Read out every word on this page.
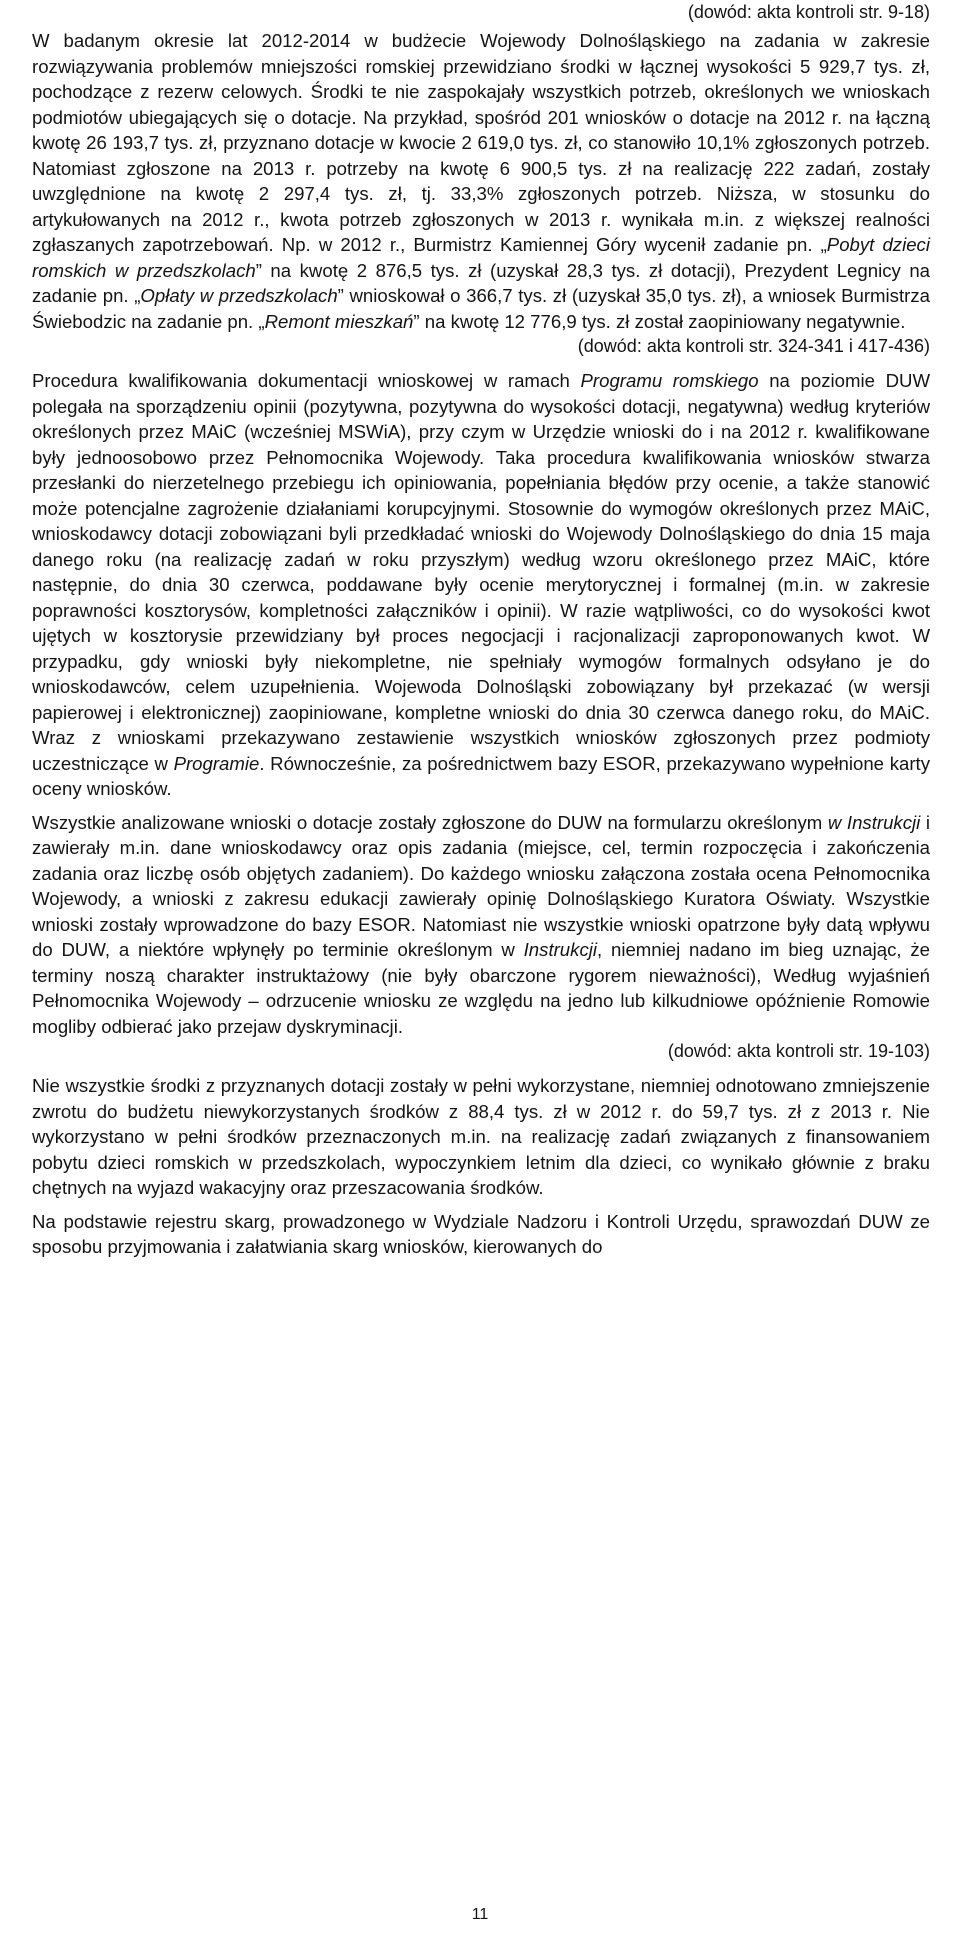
(dowód: akta kontroli str. 9-18)

W badanym okresie lat 2012-2014 w budżecie Wojewody Dolnośląskiego na zadania w zakresie rozwiązywania problemów mniejszości romskiej przewidziano środki w łącznej wysokości 5 929,7 tys. zł, pochodzące z rezerw celowych. Środki te nie zaspokajały wszystkich potrzeb, określonych we wnioskach podmiotów ubiegających się o dotacje. Na przykład, spośród 201 wniosków o dotacje na 2012 r. na łączną kwotę 26 193,7 tys. zł, przyznano dotacje w kwocie 2 619,0 tys. zł, co stanowiło 10,1% zgłoszonych potrzeb. Natomiast zgłoszone na 2013 r. potrzeby na kwotę 6 900,5 tys. zł na realizację 222 zadań, zostały uwzględnione na kwotę 2 297,4 tys. zł, tj. 33,3% zgłoszonych potrzeb. Niższa, w stosunku do artykułowanych na 2012 r., kwota potrzeb zgłoszonych w 2013 r. wynikała m.in. z większej realności zgłaszanych zapotrzebowań. Np. w 2012 r., Burmistrz Kamiennej Góry wycenił zadanie pn. „Pobyt dzieci romskich w przedszkolach” na kwotę 2 876,5 tys. zł (uzyskał 28,3 tys. zł dotacji), Prezydent Legnicy na zadanie pn. „Opłaty w przedszkolach” wnioskował o 366,7 tys. zł (uzyskał 35,0 tys. zł), a wniosek Burmistrza Świebodzic na zadanie pn. „Remont mieszkań” na kwotę 12 776,9 tys. zł został zaopiniowany negatywnie.

(dowód: akta kontroli str. 324-341 i 417-436)

Procedura kwalifikowania dokumentacji wnioskowej w ramach Programu romskiego na poziomie DUW polegała na sporządzeniu opinii (pozytywna, pozytywna do wysokości dotacji, negatywna) według kryteriów określonych przez MAiC (wcześniej MSWiA), przy czym w Urzędzie wnioski do i na 2012 r. kwalifikowane były jednoosobowo przez Pełnomocnika Wojewody. Taka procedura kwalifikowania wniosków stwarza przesłanki do nierzetelnego przebiegu ich opiniowania, popełniania błędów przy ocenie, a także stanowić może potencjalne zagrożenie działaniami korupcyjnymi. Stosownie do wymogów określonych przez MAiC, wnioskodawcy dotacji zobowiązani byli przedkładać wnioski do Wojewody Dolnośląskiego do dnia 15 maja danego roku (na realizację zadań w roku przyszłym) według wzoru określonego przez MAiC, które następnie, do dnia 30 czerwca, poddawane były ocenie merytorycznej i formalnej (m.in. w zakresie poprawności kosztorysów, kompletności załączników i opinii). W razie wątpliwości, co do wysokości kwot ujętych w kosztorysie przewidziany był proces negocjacji i racjonalizacji zaproponowanych kwot. W przypadku, gdy wnioski były niekompletne, nie spełniały wymogów formalnych odsyłano je do wnioskodawców, celem uzupełnienia. Wojewoda Dolnośląski zobowiązany był przekazać (w wersji papierowej i elektronicznej) zaopiniowane, kompletne wnioski do dnia 30 czerwca danego roku, do MAiC. Wraz z wnioskami przekazywano zestawienie wszystkich wniosków zgłoszonych przez podmioty uczestniczące w Programie. Równocześnie, za pośrednictwem bazy ESOR, przekazywano wypełnione karty oceny wniosków.

Wszystkie analizowane wnioski o dotacje zostały zgłoszone do DUW na formularzu określonym w Instrukcji i zawierały m.in. dane wnioskodawcy oraz opis zadania (miejsce, cel, termin rozpoczęcia i zakończenia zadania oraz liczbę osób objętych zadaniem). Do każdego wniosku załączona została ocena Pełnomocnika Wojewody, a wnioski z zakresu edukacji zawierały opinię Dolnośląskiego Kuratora Oświaty. Wszystkie wnioski zostały wprowadzone do bazy ESOR. Natomiast nie wszystkie wnioski opatrzone były datą wpływu do DUW, a niektóre wpłynęły po terminie określonym w Instrukcji, niemniej nadano im bieg uznając, że terminy noszą charakter instruktażowy (nie były obarczone rygorem nieważności), Według wyjaśnień Pełnomocnika Wojewody – odrzucenie wniosku ze względu na jedno lub kilkudniowe opóźnienie Romowie mogliby odbierać jako przejaw dyskryminacji.

(dowód: akta kontroli str. 19-103)

Nie wszystkie środki z przyznanych dotacji zostały w pełni wykorzystane, niemniej odnotowano zmniejszenie zwrotu do budżetu niewykorzystanych środków z 88,4 tys. zł w 2012 r. do 59,7 tys. zł z 2013 r. Nie wykorzystano w pełni środków przeznaczonych m.in. na realizację zadań związanych z finansowaniem pobytu dzieci romskich w przedszkolach, wypoczynkiem letnim dla dzieci, co wynikało głównie z braku chętnych na wyjazd wakacyjny oraz przeszacowania środków.

Na podstawie rejestru skarg, prowadzonego w Wydziale Nadzoru i Kontroli Urzędu, sprawozdań DUW ze sposobu przyjmowania i załatwiania skarg wniosków, kierowanych do

11
